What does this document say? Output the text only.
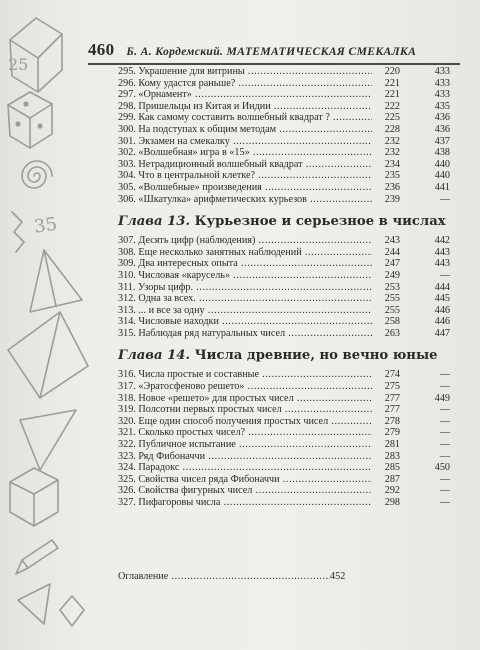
25
35
460 Б. А. Кордемский. МАТЕМАТИЧЕСКАЯ СМЕКАЛКА
295. Украшение для витрины .....	220	433
296. Кому удастся раньше? .....	221	433
297. «Орнамент» .....	221	433
298. Пришельцы из Китая и Индии .....	222	435
299. Как самому составить волшебный квадрат ? .....	225	436
300. На подступах к общим методам .....	228	436
301. Экзамен на смекалку .....	232	437
302. «Волшебная» игра в «15» .....	232	438
303. Нетрадиционный волшебный квадрат .....	234	440
304. Что в центральной клетке? .....	235	440
305. «Волшебные» произведения .....	236	441
306. «Шкатулка» арифметических курьезов .....	239	—
Глава 13. Курьезное и серьезное в числах
307. Десять цифр (наблюдения) .....	243	442
308. Еще несколько занятных наблюдений .....	244	443
309. Два интересных опыта .....	247	443
310. Числовая «карусель» .....	249	—
311. Узоры цифр. .....	253	444
312. Одна за всех. .....	255	445
313. ... и все за одну .....	255	446
314. Числовые находки .....	258	446
315. Наблюдая ряд натуральных чисел .....	263	447
Глава 14. Числа древние, но вечно юные
316. Числа простые и составные .....	274	—
317. «Эратосфеново решето» .....	275	—
318. Новое «решето» для простых чисел .....	277	449
319. Полсотни первых простых чисел .....	277	—
320. Еще один способ получения простых чисел .....	278	—
321. Сколько простых чисел? .....	279	—
322. Публичное испытание .....	281	—
323. Ряд Фибоначчи .....	283	—
324. Парадокс .....	285	450
325. Свойства чисел ряда Фибоначчи .....	287	—
326. Свойства фигурных чисел .....	292	—
327. Пифагоровы числа .....	298	—
Оглавление .....	452
